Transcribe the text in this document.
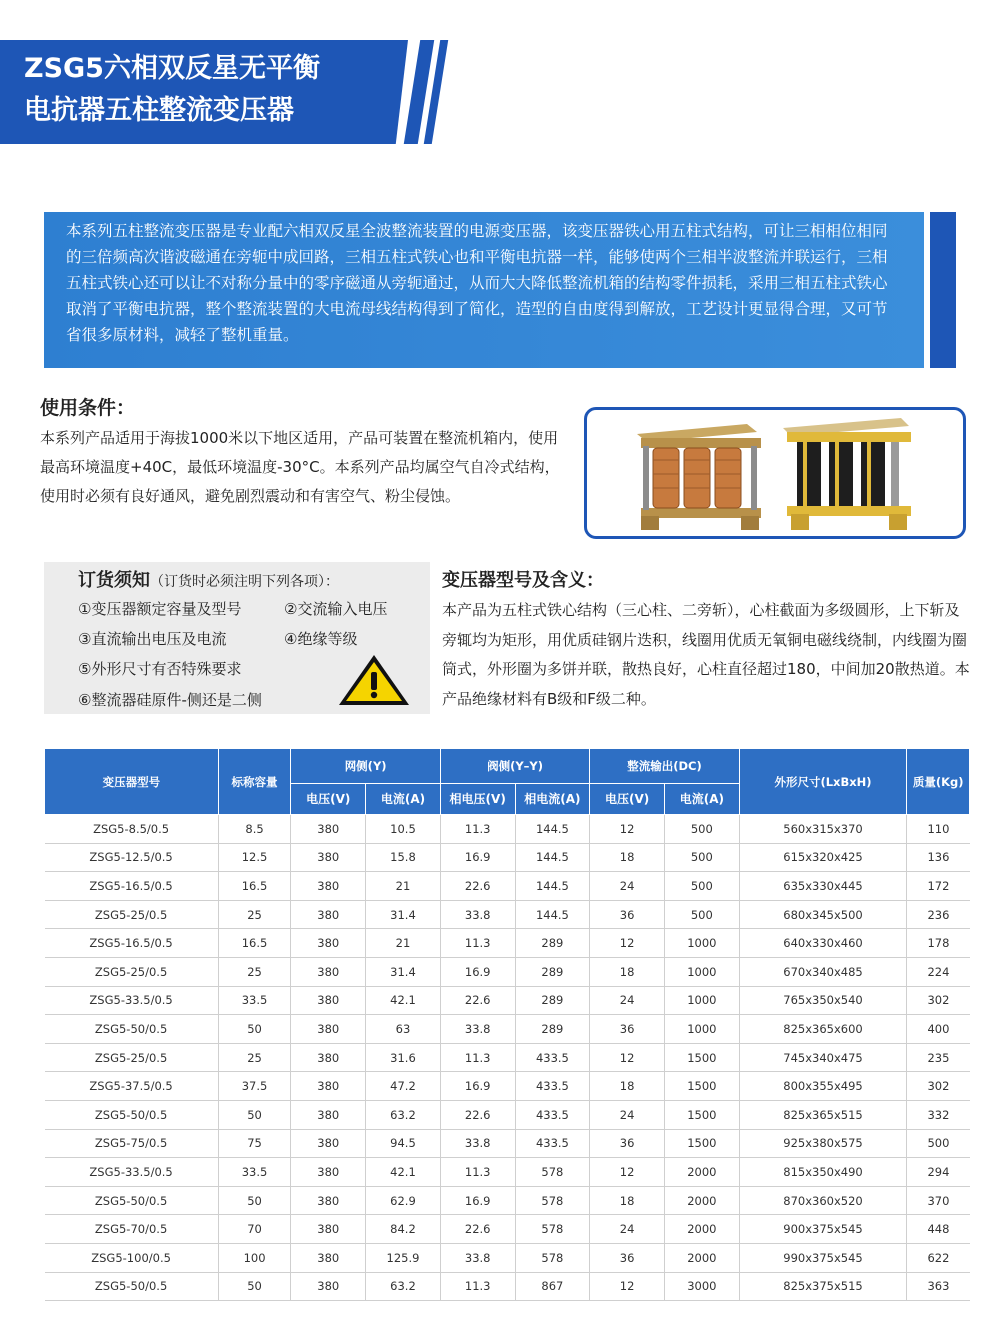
ZSG5六相双反星无平衡
电抗器五柱整流变压器
本系列五柱整流变压器是专业配六相双反星全波整流装置的电源变压器，该变压器铁心用五柱式结构，可让三相相位相同的三倍频高次谐波磁通在旁轭中成回路，三相五柱式铁心也和平衡电抗器一样，能够使两个三相半波整流并联运行，三相五柱式铁心还可以让不对称分量中的零序磁通从旁轭通过，从而大大降低整流机箱的结构零件损耗，采用三相五柱式铁心取消了平衡电抗器，整个整流装置的大电流母线结构得到了简化，造型的自由度得到解放，工艺设计更显得合理，又可节省很多原材料，减轻了整机重量。
使用条件：
本系列产品适用于海拔1000米以下地区适用，产品可装置在整流机箱内，使用最高环境温度+40C，最低环境温度-30°C。本系列产品均属空气自冷式结构，使用时必须有良好通风，避免剧烈震动和有害空气、粉尘侵蚀。
订货须知（订货时必须注明下列各项）：
①变压器额定容量及型号	②交流输入电压
③直流输出电压及电流	④绝缘等级
⑤外形尺寸有否特殊要求
⑥整流器硅原件-侧还是二侧
变压器型号及含义：
本产品为五柱式铁心结构（三心柱、二旁斩），心柱截面为多级圆形，上下斩及旁辄均为矩形，用优质硅钢片迭积，线圈用优质无氧铜电磁线绕制，内线圈为圈筒式，外形圈为多饼并联，散热良好，心柱直径超过180，中间加20散热道。本产品绝缘材料有B级和F级二种。
变压器型号	标称容量	网侧(Y)		阀侧(Y–Y)		整流输出(DC)		外形尺寸(LxBxH)	质量(Kg)
		电压(V)	电流(A)	相电压(V)	相电流(A)	电压(V)	电流(A)		
ZSG5-8.5/0.5	8.5	380	10.5	11.3	144.5	12	500	560x315x370	110
ZSG5-12.5/0.5	12.5	380	15.8	16.9	144.5	18	500	615x320x425	136
ZSG5-16.5/0.5	16.5	380	21	22.6	144.5	24	500	635x330x445	172
ZSG5-25/0.5	25	380	31.4	33.8	144.5	36	500	680x345x500	236
ZSG5-16.5/0.5	16.5	380	21	11.3	289	12	1000	640x330x460	178
ZSG5-25/0.5	25	380	31.4	16.9	289	18	1000	670x340x485	224
ZSG5-33.5/0.5	33.5	380	42.1	22.6	289	24	1000	765x350x540	302
ZSG5-50/0.5	50	380	63	33.8	289	36	1000	825x365x600	400
ZSG5-25/0.5	25	380	31.6	11.3	433.5	12	1500	745x340x475	235
ZSG5-37.5/0.5	37.5	380	47.2	16.9	433.5	18	1500	800x355x495	302
ZSG5-50/0.5	50	380	63.2	22.6	433.5	24	1500	825x365x515	332
ZSG5-75/0.5	75	380	94.5	33.8	433.5	36	1500	925x380x575	500
ZSG5-33.5/0.5	33.5	380	42.1	11.3	578	12	2000	815x350x490	294
ZSG5-50/0.5	50	380	62.9	16.9	578	18	2000	870x360x520	370
ZSG5-70/0.5	70	380	84.2	22.6	578	24	2000	900x375x545	448
ZSG5-100/0.5	100	380	125.9	33.8	578	36	2000	990x375x545	622
ZSG5-50/0.5	50	380	63.2	11.3	867	12	3000	825x375x515	363
